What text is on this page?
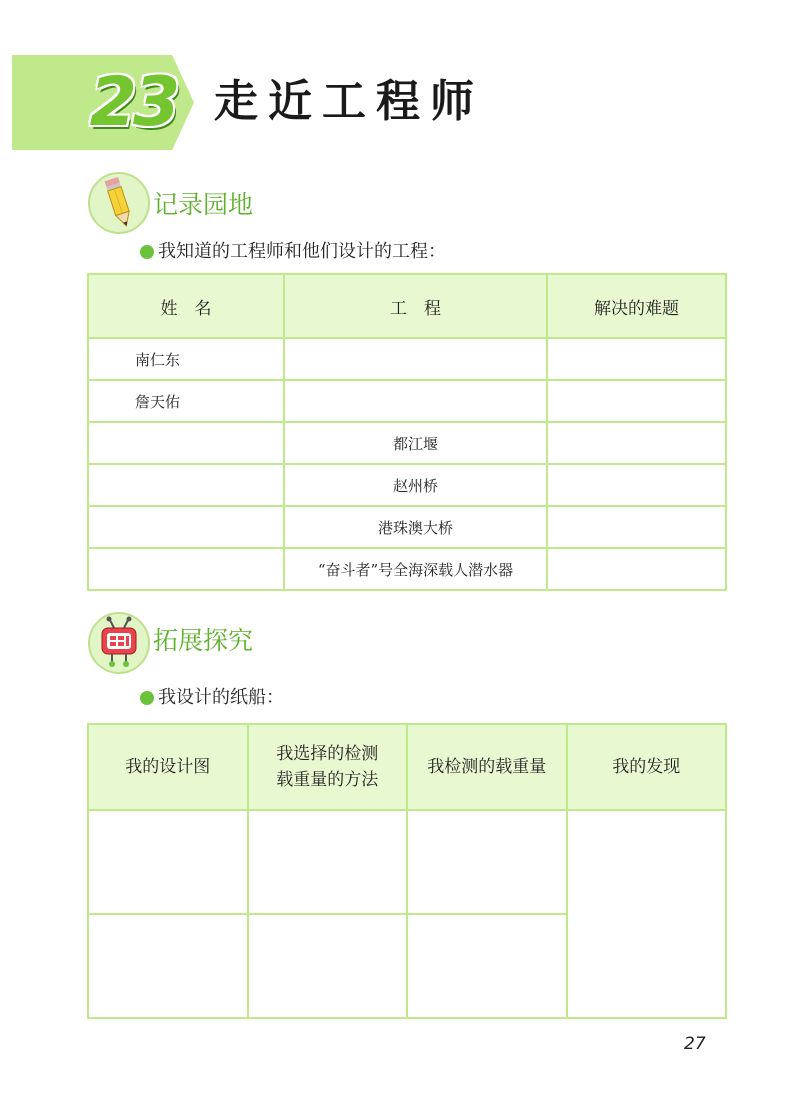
23 走近工程师
记录园地
我知道的工程师和他们设计的工程：
姓　名	工　程	解决的难题
南仁东		
詹天佑		
	都江堰	
	赵州桥	
	港珠澳大桥	
	“奋斗者”号全海深载人潜水器	
拓展探究
我设计的纸船：
我的设计图	我选择的检测载重量的方法	我检测的载重量	我的发现

27
